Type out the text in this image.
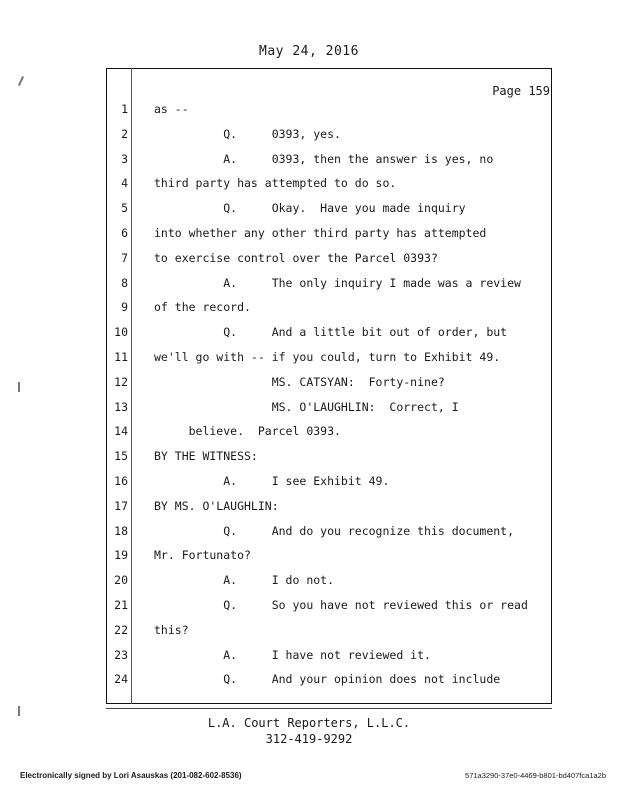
May 24, 2016
Page 159
1 as --
2 Q.     0393, yes.
3 A.     0393, then the answer is yes, no
4 third party has attempted to do so.
5 Q.     Okay.  Have you made inquiry
6 into whether any other third party has attempted
7 to exercise control over the Parcel 0393?
8 A.     The only inquiry I made was a review
9 of the record.
10 Q.     And a little bit out of order, but
11 we'll go with -- if you could, turn to Exhibit 49.
12 MS. CATSYAN:  Forty-nine?
13 MS. O'LAUGHLIN:  Correct, I
14 believe.  Parcel 0393.
15 BY THE WITNESS:
16 A.     I see Exhibit 49.
17 BY MS. O'LAUGHLIN:
18 Q.     And do you recognize this document,
19 Mr. Fortunato?
20 A.     I do not.
21 Q.     So you have not reviewed this or read
22 this?
23 A.     I have not reviewed it.
24 Q.     And your opinion does not include
L.A. Court Reporters, L.L.C.
312-419-9292
Electronically signed by Lori Asauskas (201-082-602-8536)	571a3290-37e0-4469-b801-bd407fca1a2b
